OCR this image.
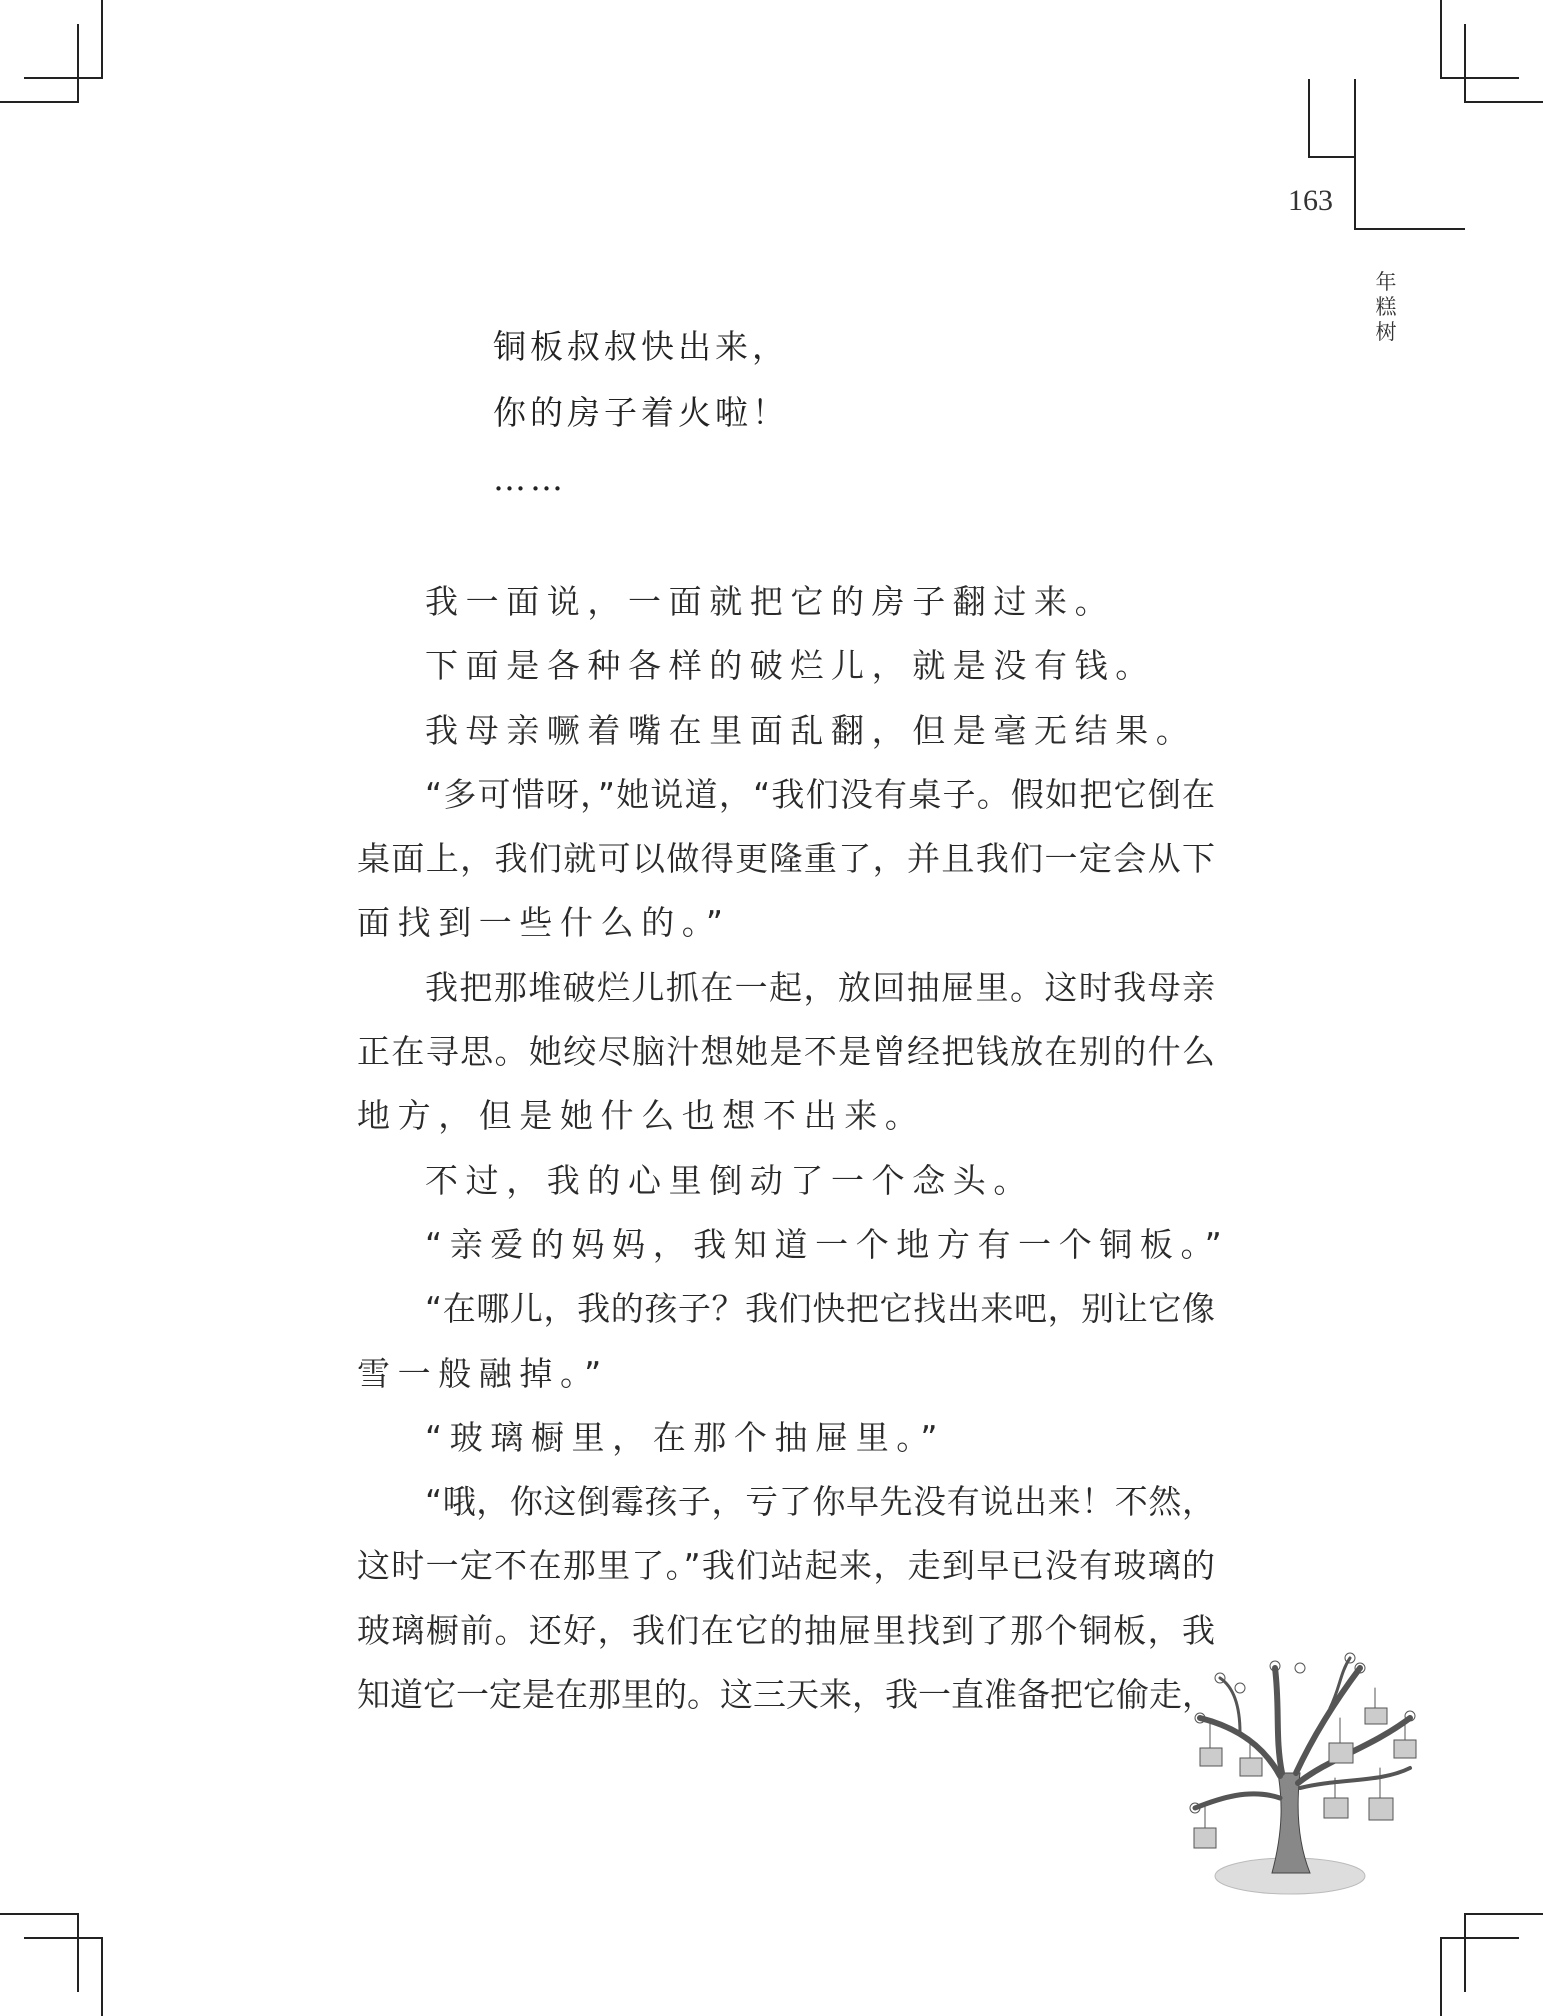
163
年
糕
树
铜板叔叔快出来，
你的房子着火啦！
……
我一面说，一面就把它的房子翻过来。
下面是各种各样的破烂儿，就是没有钱。
我母亲噘着嘴在里面乱翻，但是毫无结果。
“多可惜呀，”她说道，“我们没有桌子。假如把它倒在
桌面上，我们就可以做得更隆重了，并且我们一定会从下
面找到一些什么的。”
我把那堆破烂儿抓在一起，放回抽屉里。这时我母亲
正在寻思。她绞尽脑汁想她是不是曾经把钱放在别的什么
地方，但是她什么也想不出来。
不过，我的心里倒动了一个念头。
“亲爱的妈妈，我知道一个地方有一个铜板。”
“在哪儿，我的孩子？我们快把它找出来吧，别让它像
雪一般融掉。”
“玻璃橱里，在那个抽屉里。”
“哦，你这倒霉孩子，亏了你早先没有说出来！不然，
这时一定不在那里了。”我们站起来，走到早已没有玻璃的
玻璃橱前。还好，我们在它的抽屉里找到了那个铜板，我
知道它一定是在那里的。这三天来，我一直准备把它偷走，
